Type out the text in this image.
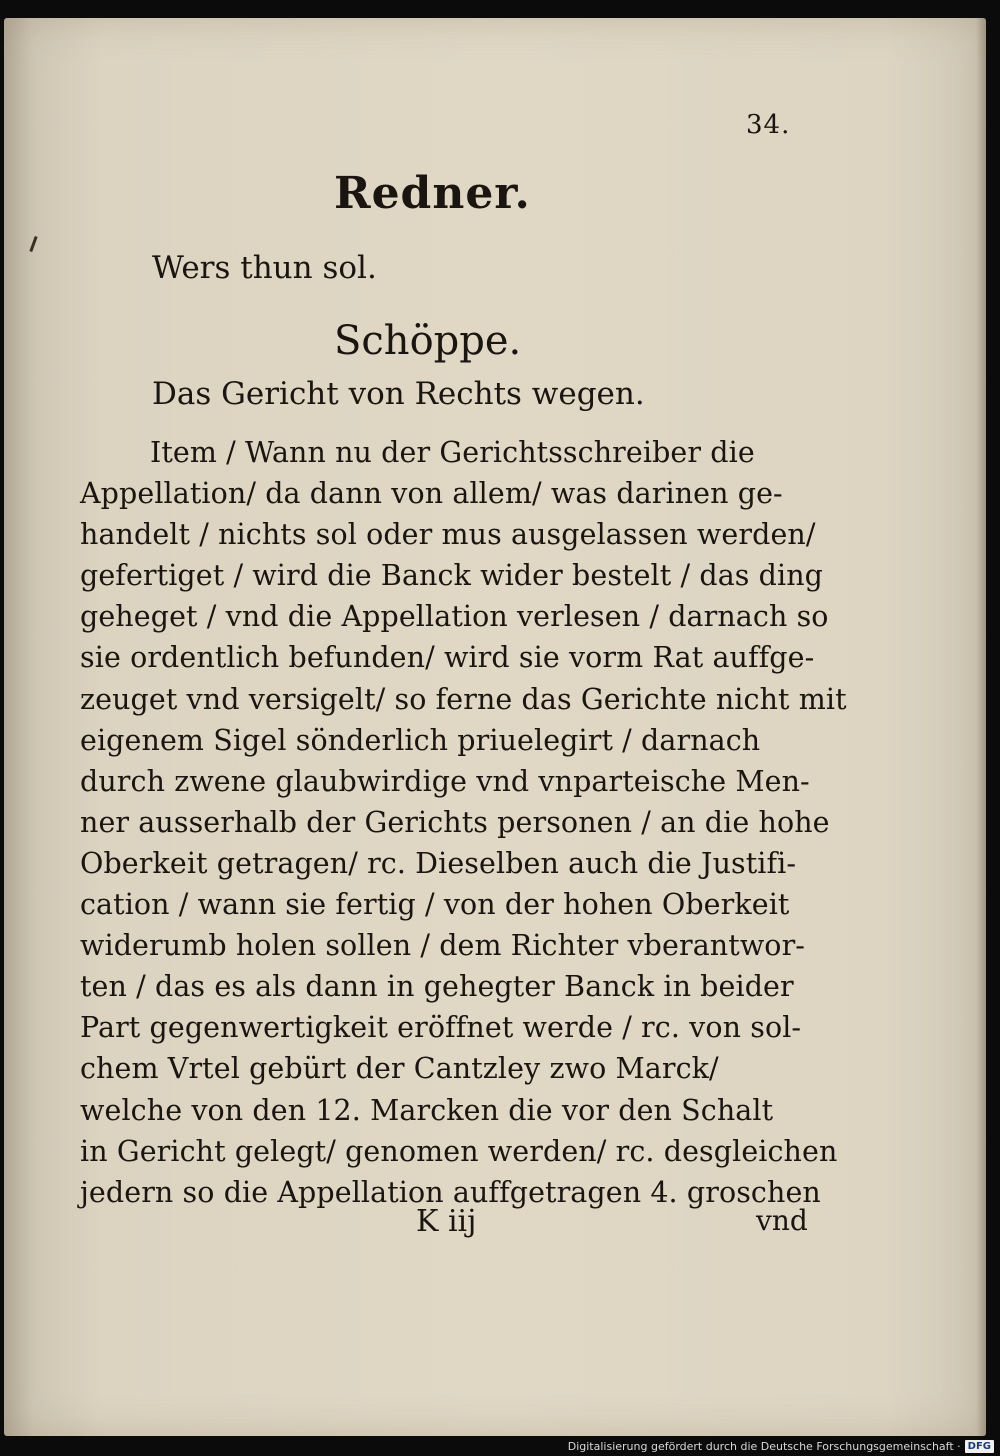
34.
Redner.
Wers thun sol.
Schöppe.
Das Gericht von Rechts wegen.
Item / Wann nu der Gerichtsschreiber die
Appellation/ da dann von allem/ was darinen ge-
handelt / nichts sol oder mus ausgelassen werden/
gefertiget / wird die Banck wider bestelt / das ding
geheget / vnd die Appellation verlesen / darnach so
sie ordentlich befunden/ wird sie vorm Rat auffge-
zeuget vnd versigelt/ so ferne das Gerichte nicht mit
eigenem Sigel sönderlich priuelegirt / darnach
durch zwene glaubwirdige vnd vnparteische Men-
ner ausserhalb der Gerichts personen / an die hohe
Oberkeit getragen/ rc. Dieselben auch die Justifi-
cation / wann sie fertig / von der hohen Oberkeit
widerumb holen sollen / dem Richter vberantwor-
ten / das es als dann in gehegter Banck in beider
Part gegenwertigkeit eröffnet werde / rc. von sol-
chem Vrtel gebürt der Cantzley zwo Marck/
welche von den 12. Marcken die vor den Schalt
in Gericht gelegt/ genomen werden/ rc. desgleichen
jedern so die Appellation auffgetragen 4. groschen
K iij	vnd
Digitalisierung gefördert durch die Deutsche Forschungsgemeinschaft · DFG
